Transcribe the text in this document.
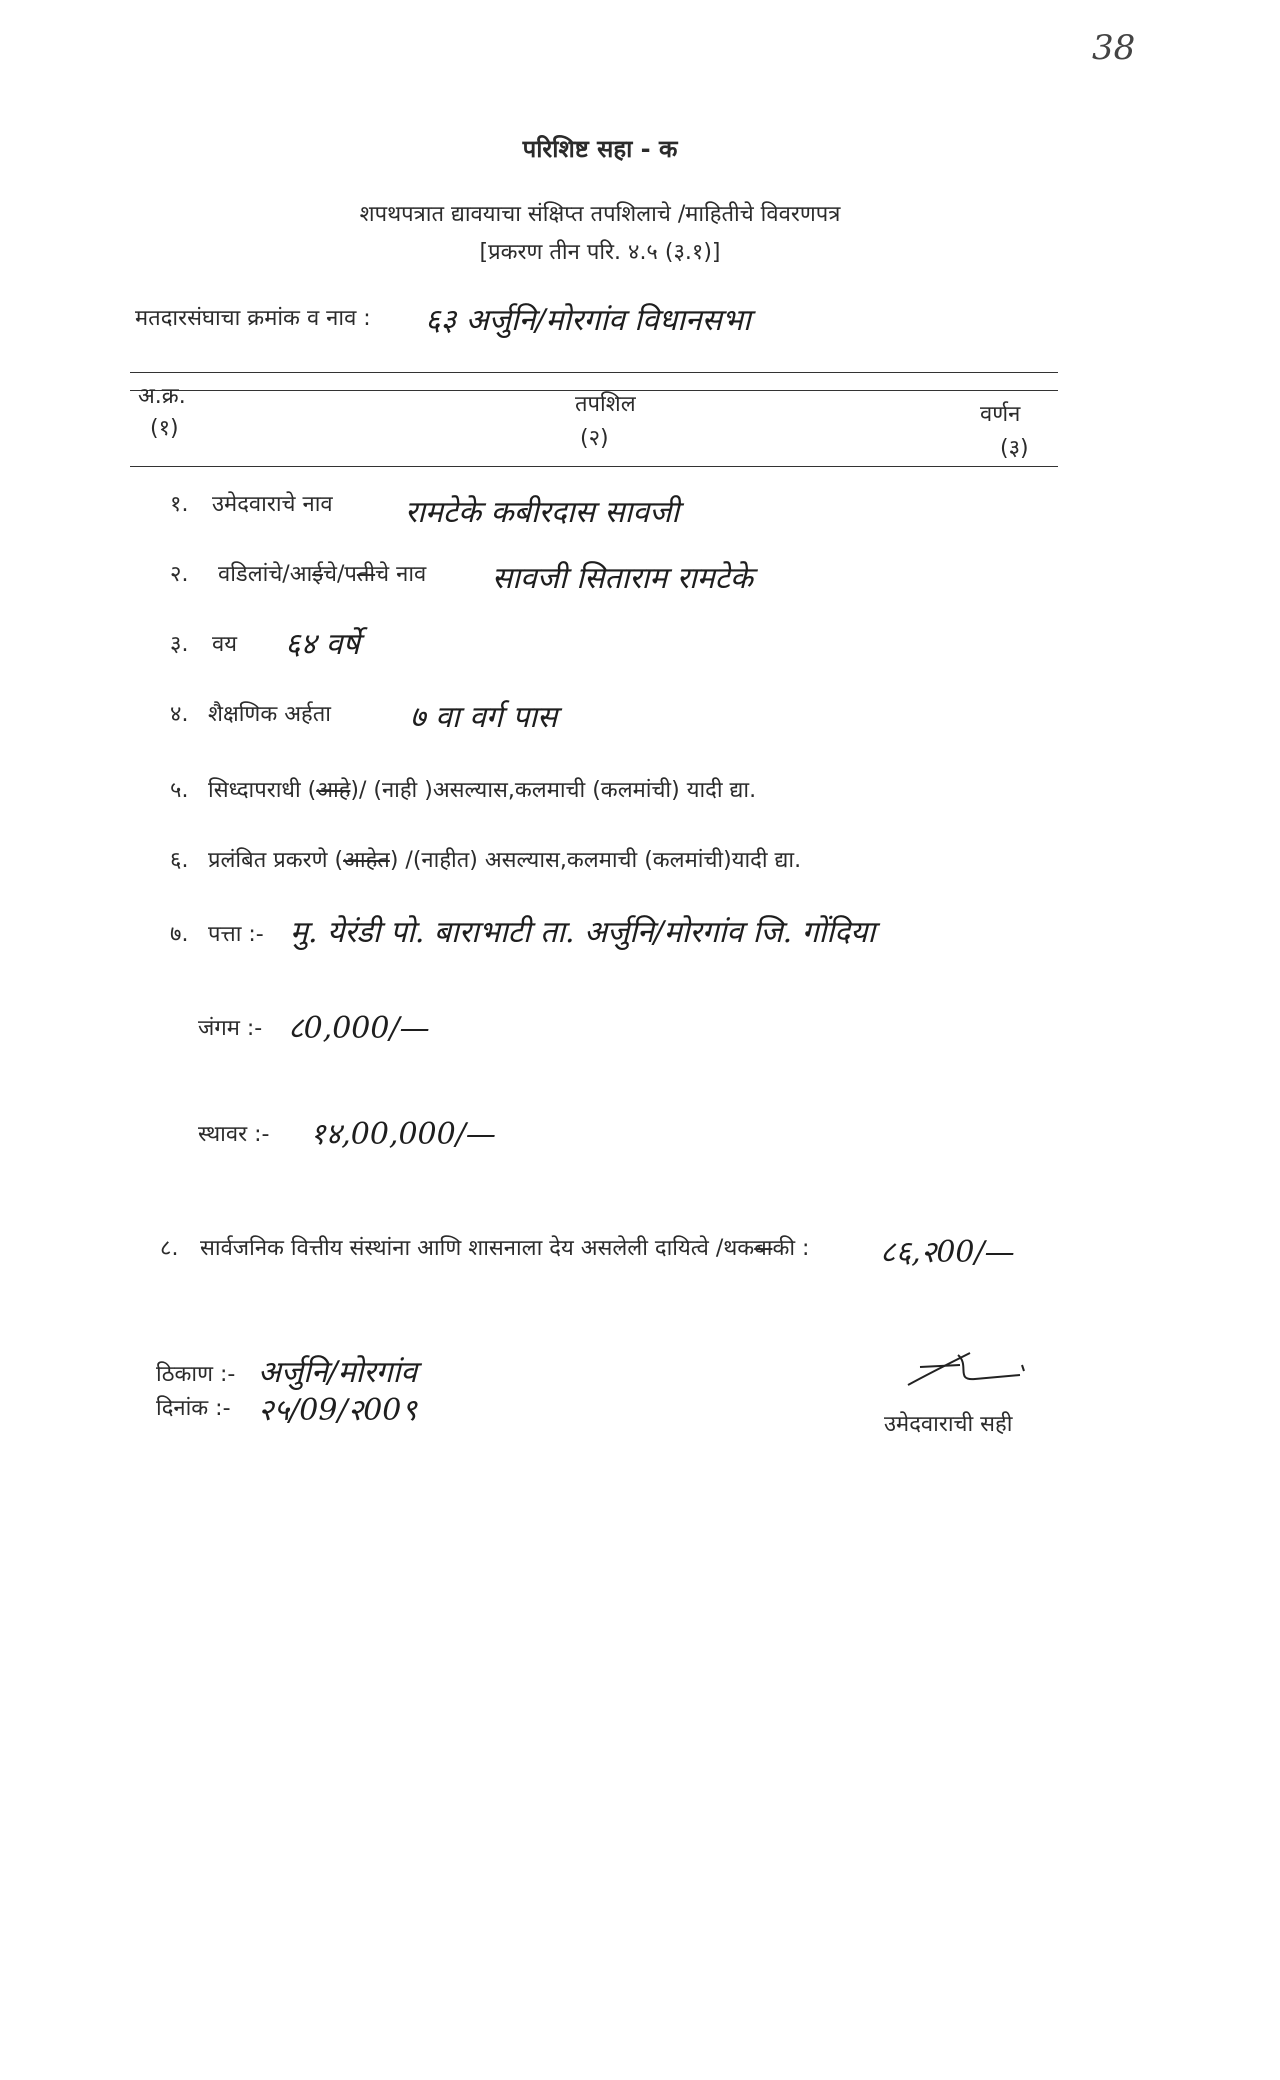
38
परिशिष्ट सहा - क
शपथपत्रात द्यावयाचा संक्षिप्त तपशिलाचे /माहितीचे विवरणपत्र
[प्रकरण तीन परि. ४.५ (३.१)]
मतदारसंघाचा क्रमांक व नाव : ६३ अर्जुनि/मोरगांव विधानसभा
अ.क्र.
(१)
तपशिल
(२)
वर्णन
(३)
१. उमेदवाराचे नाव रामटेके कबीरदास सावजी
२. वडिलांचे/आईचे/पतीचे नाव सावजी सिताराम रामटेके
३. वय ६४ वर्षे
४. शैक्षणिक अर्हता	७ वा वर्ग पास
५. सिध्दापराधी (आहे)/ (नाही )असल्यास,कलमाची (कलमांची) यादी द्या.
६. प्रलंबित प्रकरणे (आहेत) /(नाहीत) असल्यास,कलमाची (कलमांची)यादी द्या.
७. पत्ता :- मु. येरंडी पो. बाराभाटी ता. अर्जुनि/मोरगांव जि. गोंदिया
जंगम :- ८0,000/—
स्थावर :- १४,00,000/—
८. सार्वजनिक वित्तीय संस्थांना आणि शासनाला देय असलेली दायित्वे /थकबाकी : ८६,२00/—
ठिकाण :- अर्जुनि/मोरगांव
दिनांक :- २५/09/२00९	उमेदवाराची सही
